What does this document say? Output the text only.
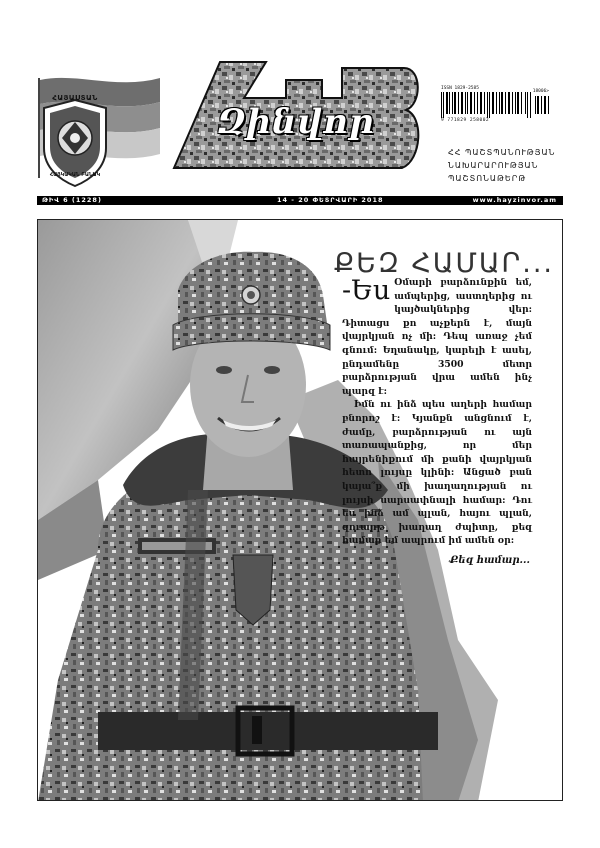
ՀԱՅԱՍՏԱՆ
ՀԱՅԿԱԿԱՆ ԲԱՆԱԿ
Զինվոր
ISSN 1829-2585
18006>
9 771829 258002
ՀՀ ՊԱՇՏՊԱՆՈՒԹՅԱՆ
ՆԱԽԱՐԱՐՈՒԹՅԱՆ
ՊԱՇՏՈՆԱԹԵՐԹ
ԹԻՎ 6 (1228)	14 - 20 ՓԵՏՐՎԱՐԻ 2018	www.hayzinvor.am
ՔԵԶ ՀԱՄԱՐ...

-Ես Օմարի բարձունքին եմ, ամպերից, աստղերից ու կայծակներից վեր: Դիտացս քո աչքերն է, մայն վայրկյան ոչ մի: Դեպ առաջ չեմ գնում: Եղանակը, կարելի է ասել, ընդամենը 3500 մետր բարձրության վրա ամեն ինչ պարզ է:

Իմն ու ինձ պես աղերի համար բնորոշ է: Կյանքն անցնում է, ժամը, բարձրության ու այն տառապանքից, որ մեր հայրենիքում մի քանի վայրկյան հետո լույսը կլինի: Անցած բան կայա՞ք մի խաղաղության ու լույսի սարսափնալի համար: Դու ես ինձ ամ պլան, հայու պլան, զուարթ խաղաղ ժպիտը, քեզ համար եմ ապրում իմ ամեն օր:

Քեզ համար...
